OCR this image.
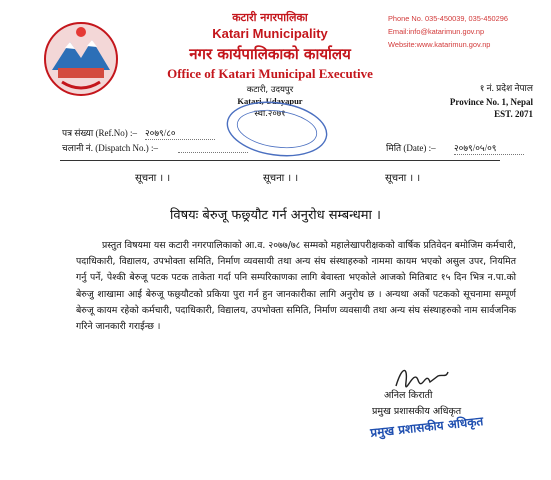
कटारी नगरपालिका
Katari Municipality
नगर कार्यपालिकाको कार्यालय
Office of Katari Municipal Executive
कटारी, उदयपुर
Katari, Udayapur
स्था.२०७१
Phone No. 035-450039, 035-450296
Email:info@katarimun.gov.np
Website:www.katarimun.gov.np
१ नं. प्रदेश नेपाल
Province No. 1, Nepal
EST. 2071
पत्र संख्या (Ref.No) :– २०७९/८०
चलानी नं. (Dispatch No.) :–	मिति (Date) :– २०७९/०५/०९
सूचना । ।	सूचना । ।	सूचना । ।
विषयः बेरुजू फछ्र्यौट गर्न अनुरोध सम्बन्धमा ।

प्रस्तुत विषयमा यस कटारी नगरपालिकाको आ.व. २०७७/७८ सम्मको महालेखापरीक्षकको वार्षिक प्रतिवेदन बमोजिम कर्मचारी, पदाधिकारी, विद्यालय, उपभोक्ता समिति, निर्माण व्यवसायी तथा अन्य संघ संस्थाहरुको नाममा कायम भएको असुल उपर, नियमित गर्नु पर्ने, पेश्की बेरुजू पटक पटक ताकेता गर्दा पनि सम्परिकाणका लागि बेवास्ता भएकोले आजको मितिबाट १५ दिन भित्र न.पा.को बेरुजु शाखामा आई बेरुजू फछ्र्यौटको प्रकिया पुरा गर्न हुन जानकारीका लागि अनुरोध छ । अन्यथा अर्को पटकको सूचनामा सम्पूर्ण बेरुजू कायम रहेको कर्मचारी, पदाधिकारी, विद्यालय, उपभोक्ता समिति, निर्माण व्यवसायी तथा अन्य संघ संस्थाहरुको नाम सार्वजनिक गरिने जानकारी गराईन्छ ।

अनिल किराती
प्रमुख प्रशासकीय अधिकृत
प्रमुख प्रशासकीय अधिकृत
